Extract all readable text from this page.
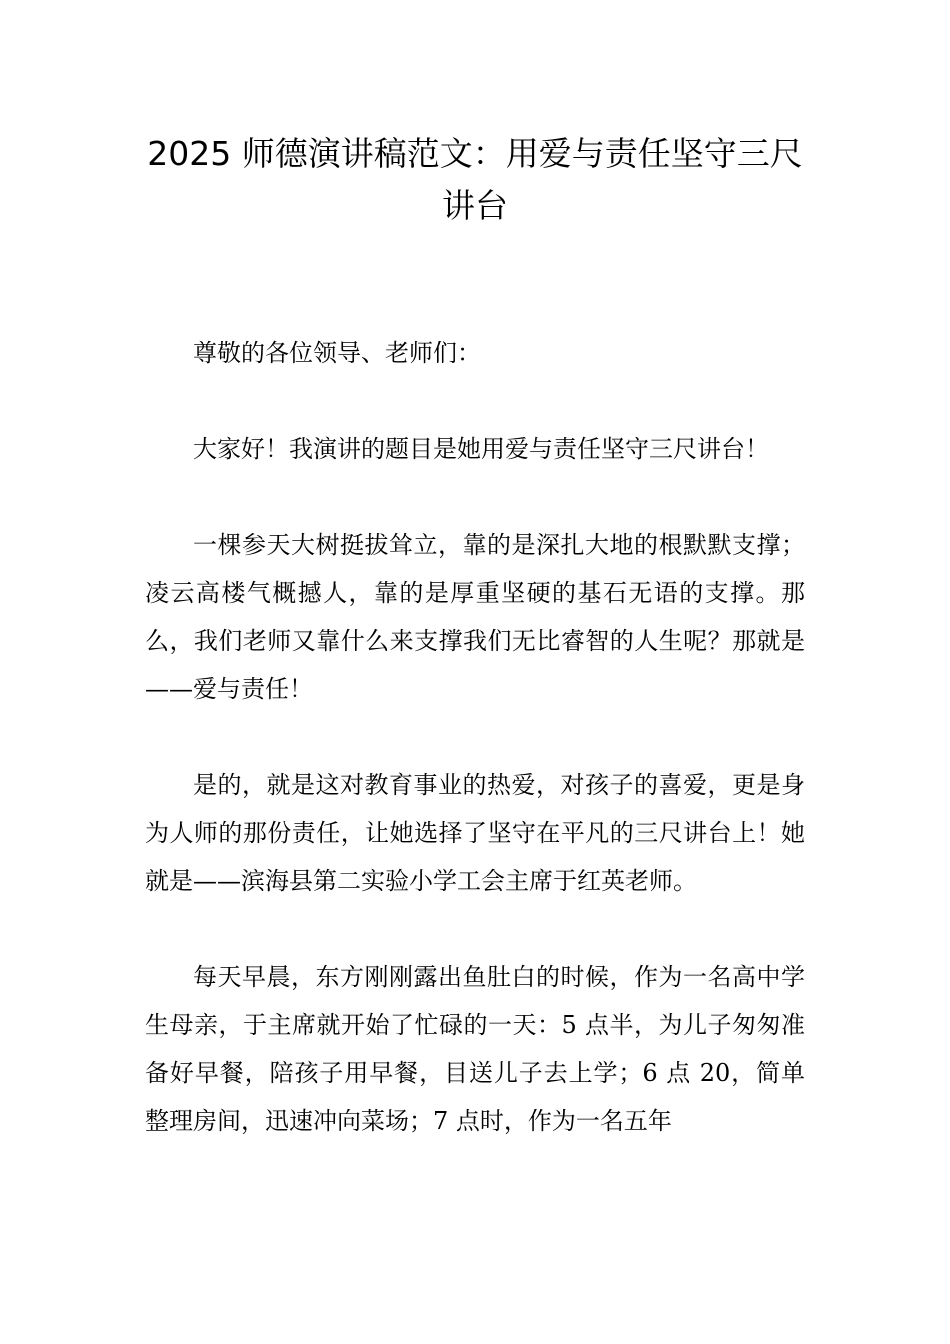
2025 师德演讲稿范文：用爱与责任坚守三尺讲台

尊敬的各位领导、老师们：

大家好！我演讲的题目是她用爱与责任坚守三尺讲台！

一棵参天大树挺拔耸立，靠的是深扎大地的根默默支撑；凌云高楼气概撼人，靠的是厚重坚硬的基石无语的支撑。那么，我们老师又靠什么来支撑我们无比睿智的人生呢？那就是——爱与责任！

是的，就是这对教育事业的热爱，对孩子的喜爱，更是身为人师的那份责任，让她选择了坚守在平凡的三尺讲台上！她就是——滨海县第二实验小学工会主席于红英老师。

每天早晨，东方刚刚露出鱼肚白的时候，作为一名高中学生母亲，于主席就开始了忙碌的一天：5 点半，为儿子匆匆准备好早餐，陪孩子用早餐，目送儿子去上学；6 点 20，简单整理房间，迅速冲向菜场；7 点时，作为一名五年
